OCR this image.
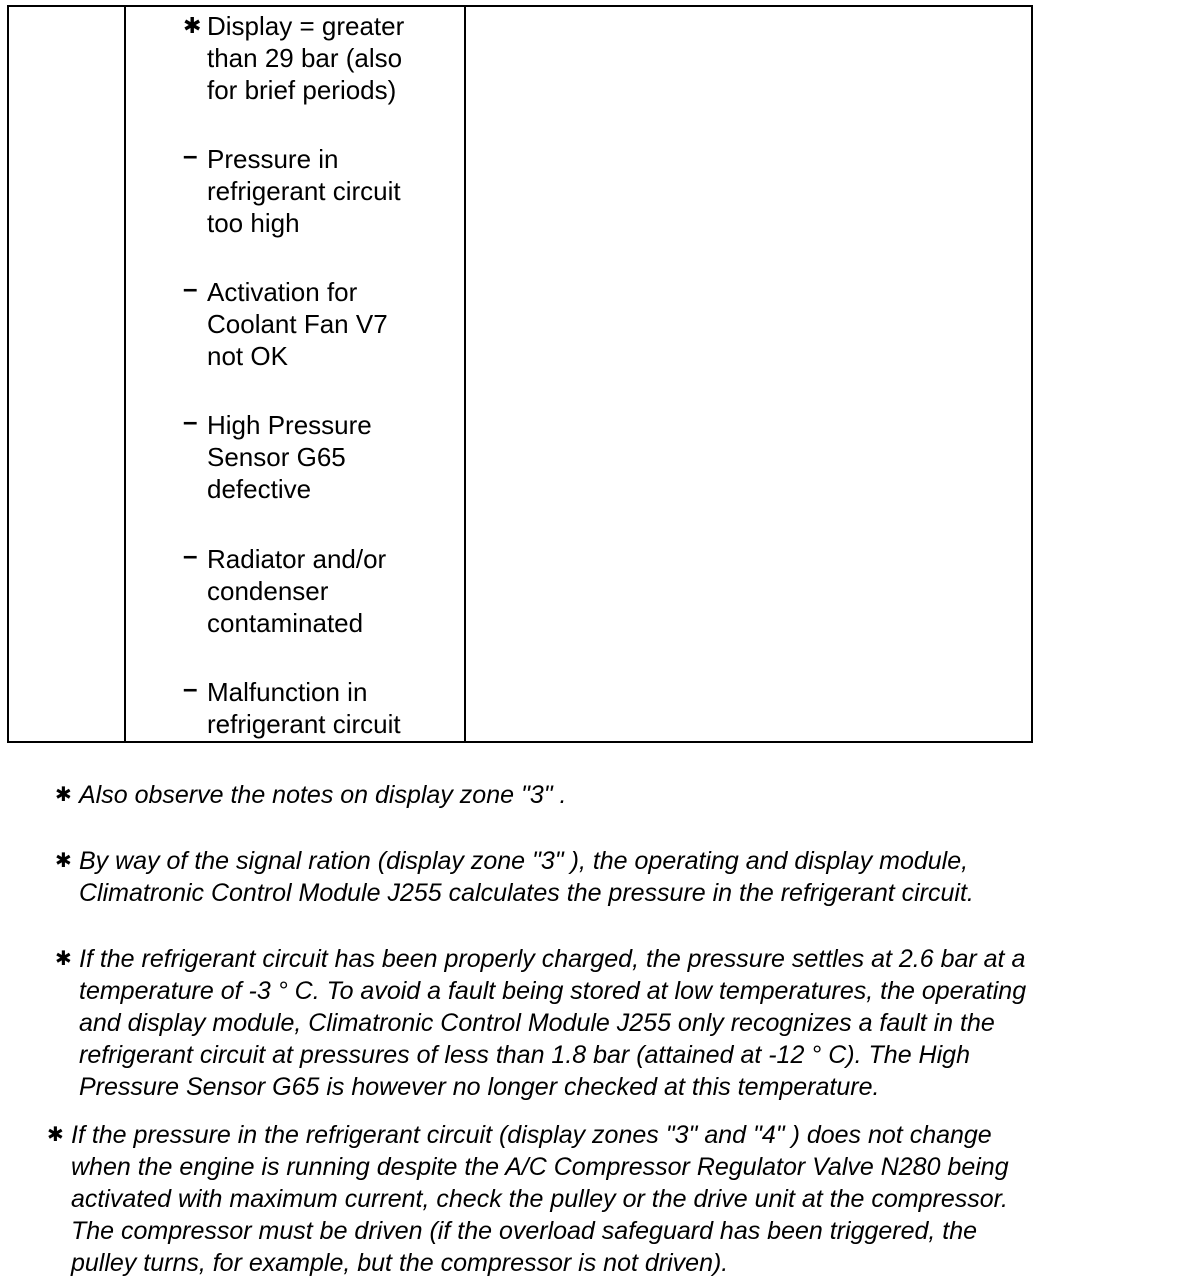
✱ Display = greater
than 29 bar (also
for brief periods)
– Pressure in
refrigerant circuit
too high
– Activation for
Coolant Fan V7
not OK
– High Pressure
Sensor G65
defective
– Radiator and/or
condenser
contaminated
– Malfunction in
refrigerant circuit
✱ Also observe the notes on display zone "3" .
✱ By way of the signal ration (display zone "3" ), the operating and display module,
Climatronic Control Module J255 calculates the pressure in the refrigerant circuit.
✱ If the refrigerant circuit has been properly charged, the pressure settles at 2.6 bar at a
temperature of -3 ° C. To avoid a fault being stored at low temperatures, the operating
and display module, Climatronic Control Module J255 only recognizes a fault in the
refrigerant circuit at pressures of less than 1.8 bar (attained at -12 ° C). The High
Pressure Sensor G65 is however no longer checked at this temperature.
✱ If the pressure in the refrigerant circuit (display zones "3" and "4" ) does not change
when the engine is running despite the A/C Compressor Regulator Valve N280 being
activated with maximum current, check the pulley or the drive unit at the compressor.
The compressor must be driven (if the overload safeguard has been triggered, the
pulley turns, for example, but the compressor is not driven).
